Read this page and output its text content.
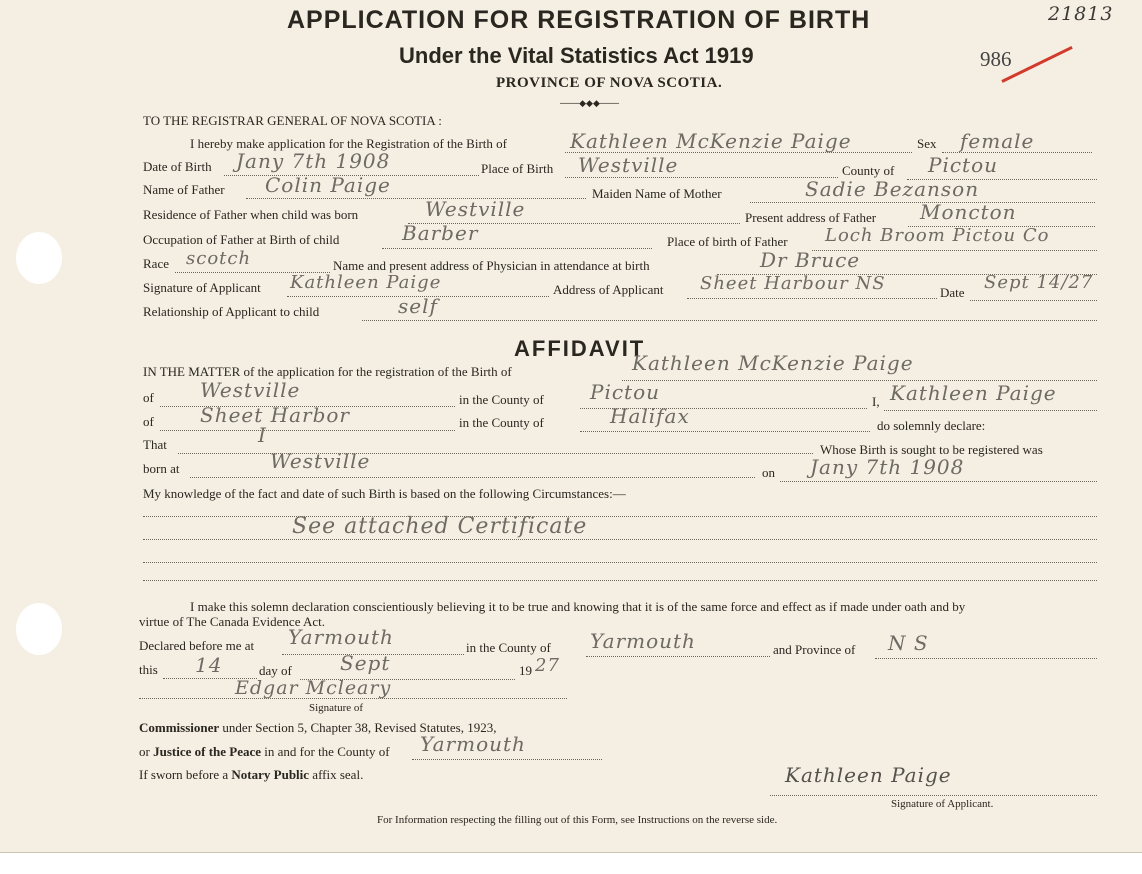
APPLICATION FOR REGISTRATION OF BIRTH
Under the Vital Statistics Act 1919
PROVINCE OF NOVA SCOTIA.
───◆◆◆───
21813
986
TO THE REGISTRAR GENERAL OF NOVA SCOTIA :
I hereby make application for the Registration of the Birth of	Kathleen McKenzie Paige	Sex female
Date of Birth Jany 7th 1908	Place of Birth Westville	County of Pictou
Name of Father Colin Paige	Maiden Name of Mother	Sadie Bezanson
Residence of Father when child was born	Westville	Present address of Father Moncton
Occupation of Father at Birth of child	Barber	Place of birth of Father Loch Broom Pictou Co
Race scotch	Name and present address of Physician in attendance at birth	Dr Bruce
Signature of Applicant Kathleen Paige	Address of Applicant Sheet Harbour NS	Date Sept 14/27
Relationship of Applicant to child	self
AFFIDAVIT
IN THE MATTER of the application for the registration of the Birth of	Kathleen McKenzie Paige
of Westville	in the County of Pictou	I, Kathleen Paige
of Sheet Harbor	in the County of	Halifax	do solemnly declare:
That	I
Whose Birth is sought to be registered was
born at	Westville	on Jany 7th 1908
My knowledge of the fact and date of such Birth is based on the following Circumstances:—
See attached Certificate
I make this solemn declaration conscientiously believing it to be true and knowing that it is of the same force and effect as if made under oath and by
virtue of The Canada Evidence Act.
Declared before me at Yarmouth	in the County of Yarmouth	and Province of N S
this 14	day of Sept	19 27
Edgar Mcleary
Signature of
Commissioner under Section 5, Chapter 38, Revised Statutes, 1923,
or Justice of the Peace in and for the County of Yarmouth
If sworn before a Notary Public affix seal.	Kathleen Paige
Signature of Applicant.
For Information respecting the filling out of this Form, see Instructions on the reverse side.
